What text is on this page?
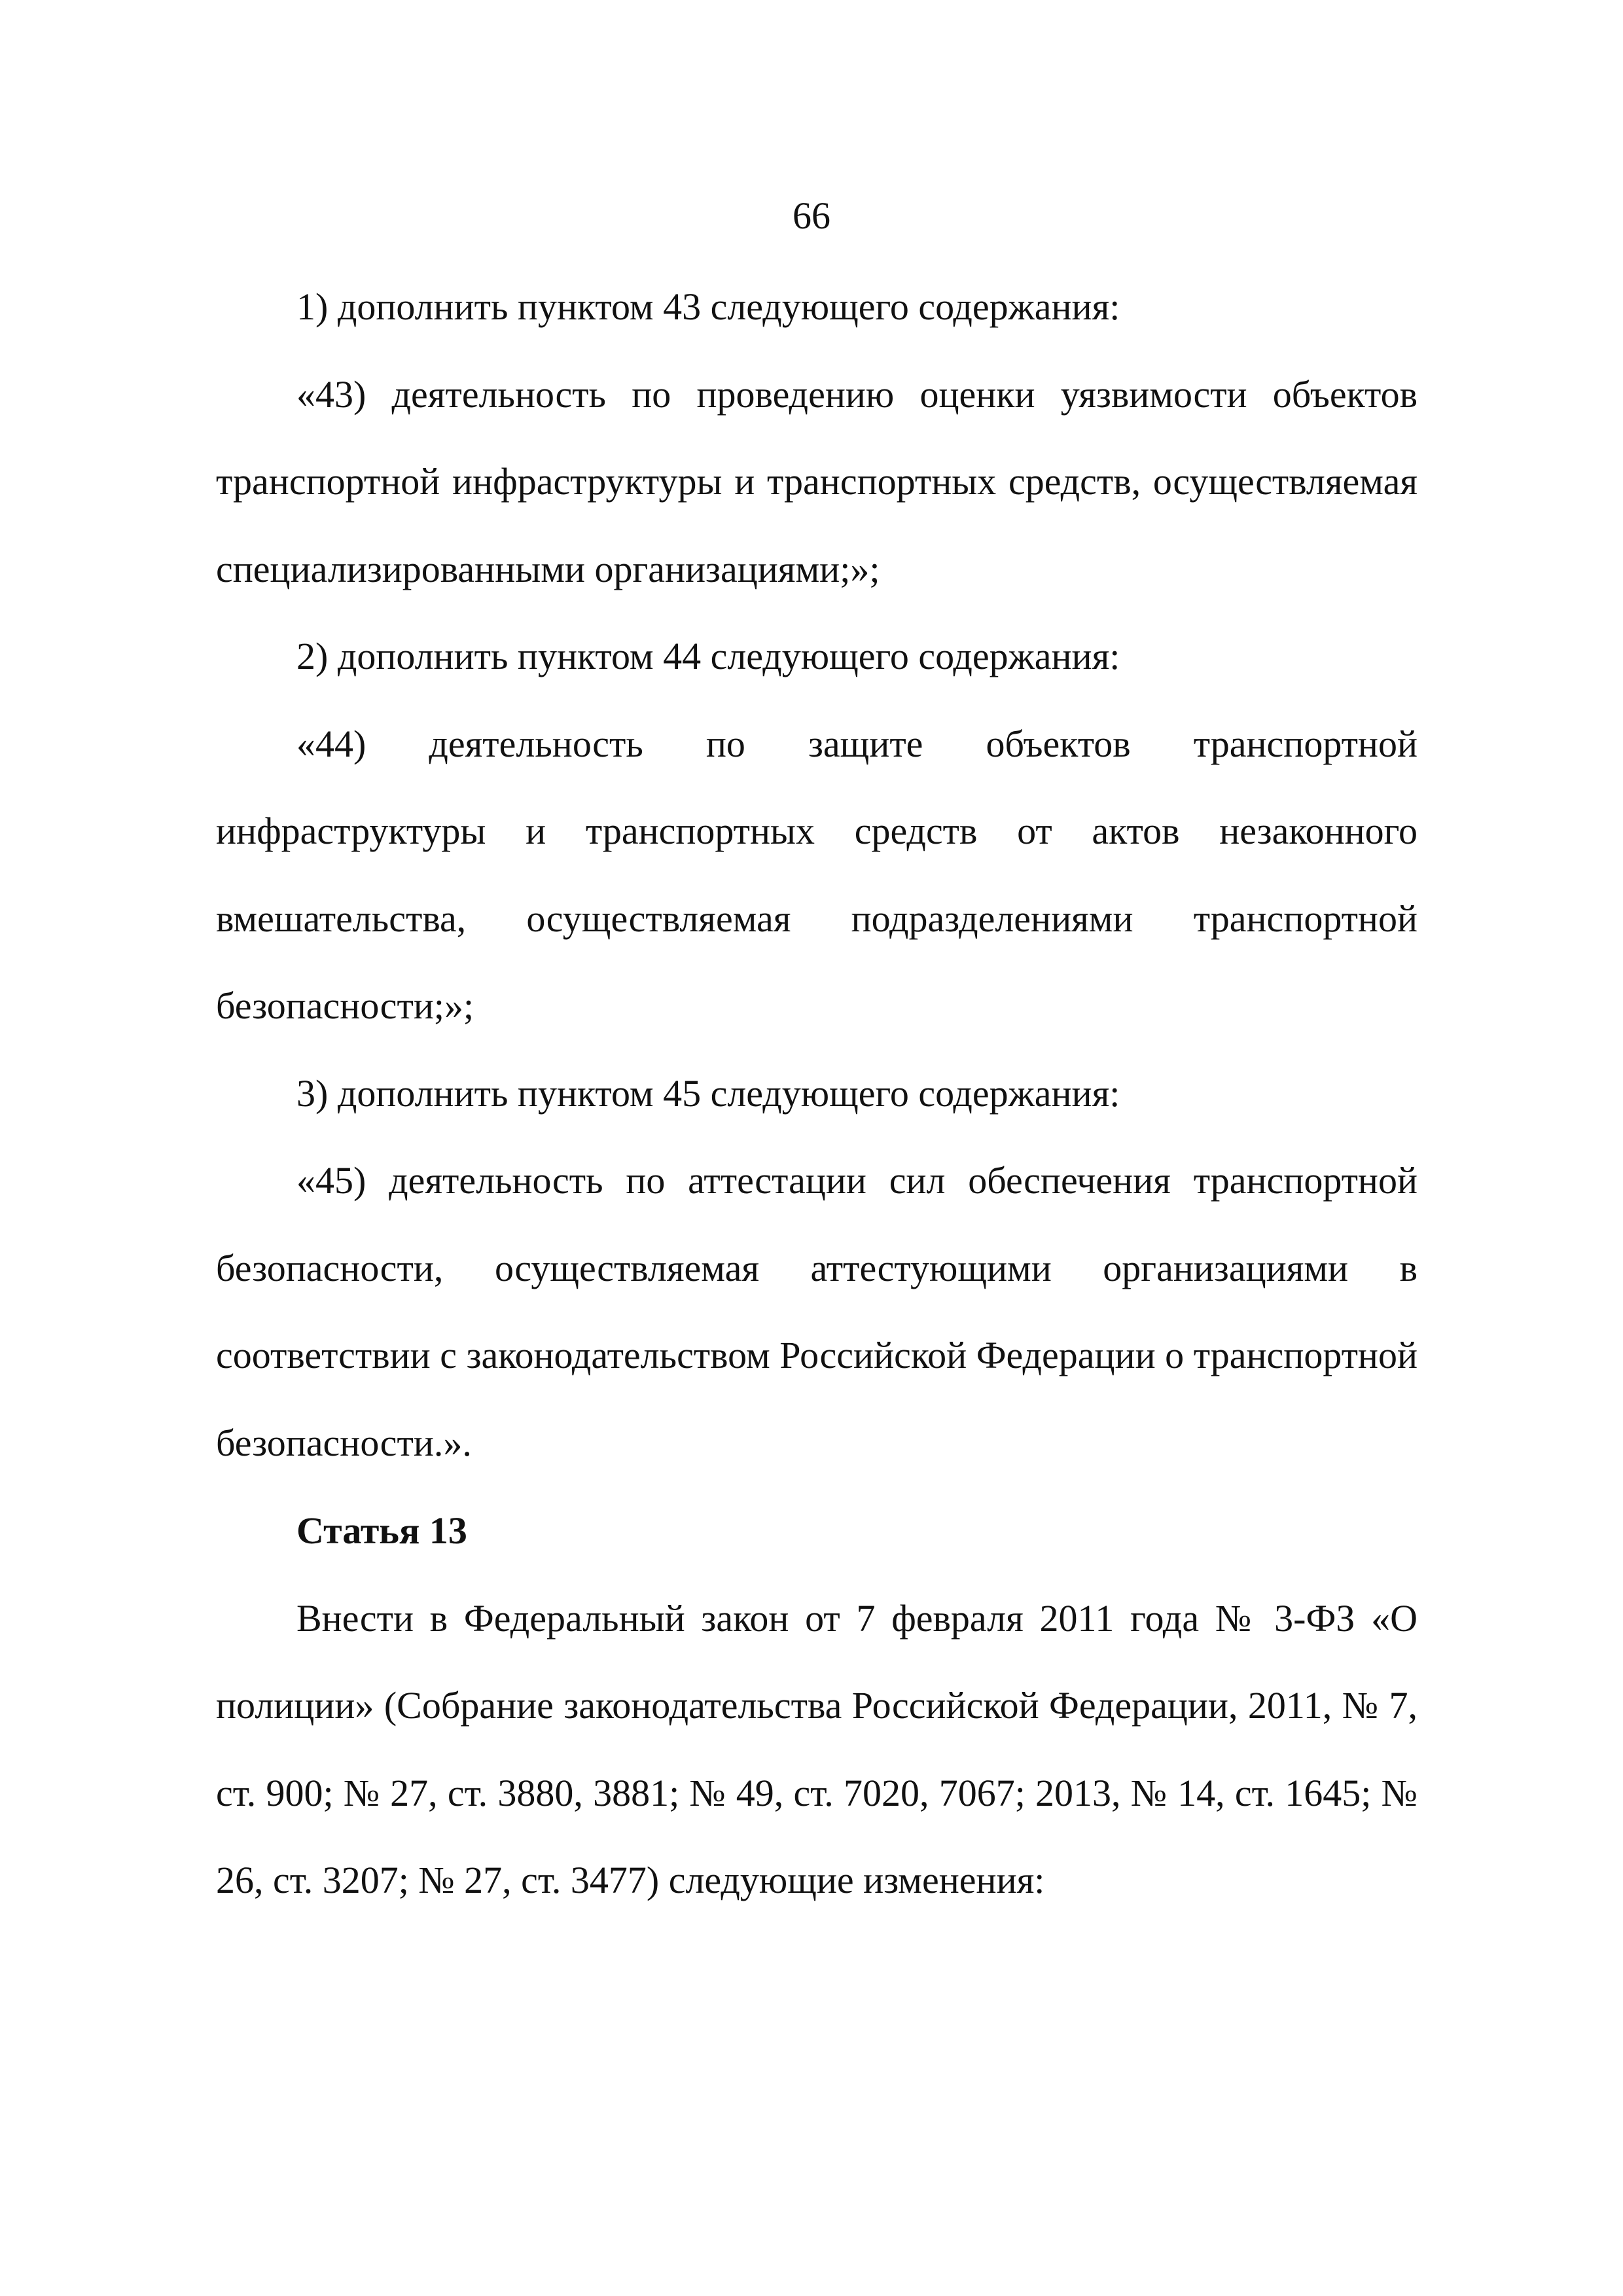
66

1) дополнить пунктом 43 следующего содержания:

«43) деятельность по проведению оценки уязвимости объектов транспортной инфраструктуры и транспортных средств, осуществляемая специализированными организациями;»;

2) дополнить пунктом 44 следующего содержания:

«44) деятельность по защите объектов транспортной инфраструктуры и транспортных средств от актов незаконного вмешательства, осуществляемая подразделениями транспортной безопасности;»;

3) дополнить пунктом 45 следующего содержания:

«45) деятельность по аттестации сил обеспечения транспортной безопасности, осуществляемая аттестующими организациями в соответствии с законодательством Российской Федерации о транспортной безопасности.».

Статья 13

Внести в Федеральный закон от 7 февраля 2011 года № 3-ФЗ «О полиции» (Собрание законодательства Российской Федерации, 2011, № 7, ст. 900; № 27, ст. 3880, 3881; № 49, ст. 7020, 7067; 2013, № 14, ст. 1645; № 26, ст. 3207; № 27, ст. 3477) следующие изменения:
